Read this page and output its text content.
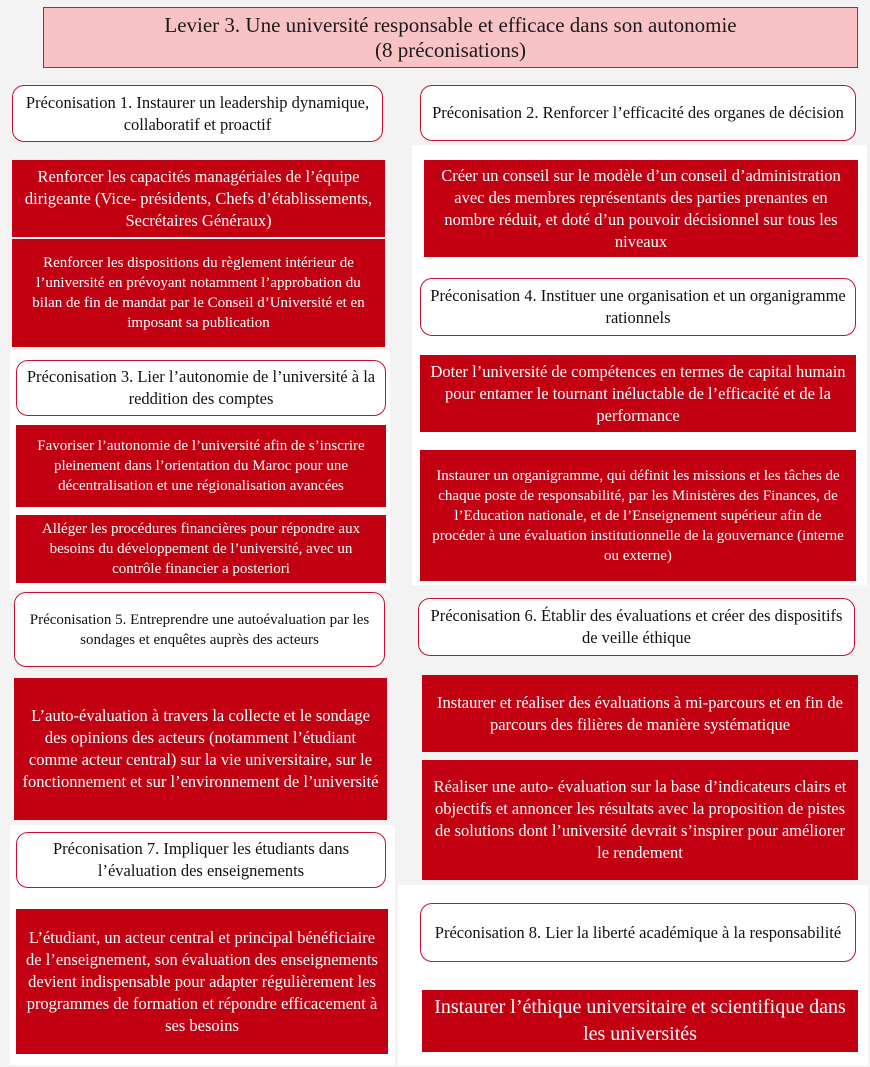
Levier 3. Une université responsable et efficace dans son autonomie
(8 préconisations)
Préconisation 1. Instaurer un leadership dynamique, collaboratif et proactif
Renforcer les capacités managériales de l’équipe dirigeante (Vice- présidents, Chefs d’établissements, Secrétaires Généraux)
Renforcer les dispositions du règlement intérieur de l’université en prévoyant notamment l’approbation du bilan de fin de mandat par le Conseil d’Université et en imposant sa publication
Préconisation 3. Lier l’autonomie de l’université à la reddition des comptes
Favoriser l’autonomie de l’université afin de s’inscrire pleinement dans l’orientation du Maroc pour une décentralisation et une régionalisation avancées
Alléger les procédures financières pour répondre aux besoins du développement de l’université, avec un contrôle financier a posteriori
Préconisation 5. Entreprendre une autoévaluation par les sondages et enquêtes auprès des acteurs
L’auto-évaluation à travers la collecte et le sondage des opinions des acteurs (notamment l’étudiant comme acteur central) sur la vie universitaire, sur le fonctionnement et sur l’environnement de l’université
Préconisation 7. Impliquer les étudiants dans l’évaluation des enseignements
L’étudiant, un acteur central et principal bénéficiaire de l’enseignement, son évaluation des enseignements devient indispensable pour adapter régulièrement les programmes de formation et répondre efficacement à ses besoins
Préconisation 2. Renforcer l’efficacité des organes de décision
Créer un conseil sur le modèle d’un conseil d’administration avec des membres représentants des parties prenantes en nombre réduit, et doté d’un pouvoir décisionnel sur tous les niveaux
Préconisation 4. Instituer une organisation et un organigramme rationnels
Doter l’université de compétences en termes de capital humain pour entamer le tournant inéluctable de l’efficacité et de la performance
Instaurer un organigramme, qui définit les missions et les tâches de chaque poste de responsabilité, par les Ministères des Finances, de l’Education nationale, et de l’Enseignement supérieur afin de procéder à une évaluation institutionnelle de la gouvernance (interne ou externe)
Préconisation 6. Établir des évaluations et créer des dispositifs de veille éthique
Instaurer et réaliser des évaluations à mi-parcours et en fin de parcours des filières de manière systématique
Réaliser une auto- évaluation sur la base d’indicateurs clairs et objectifs et annoncer les résultats avec la proposition de pistes de solutions dont l’université devrait s’inspirer pour améliorer le rendement
Préconisation 8. Lier la liberté académique à la responsabilité
Instaurer l’éthique universitaire et scientifique dans les universités
